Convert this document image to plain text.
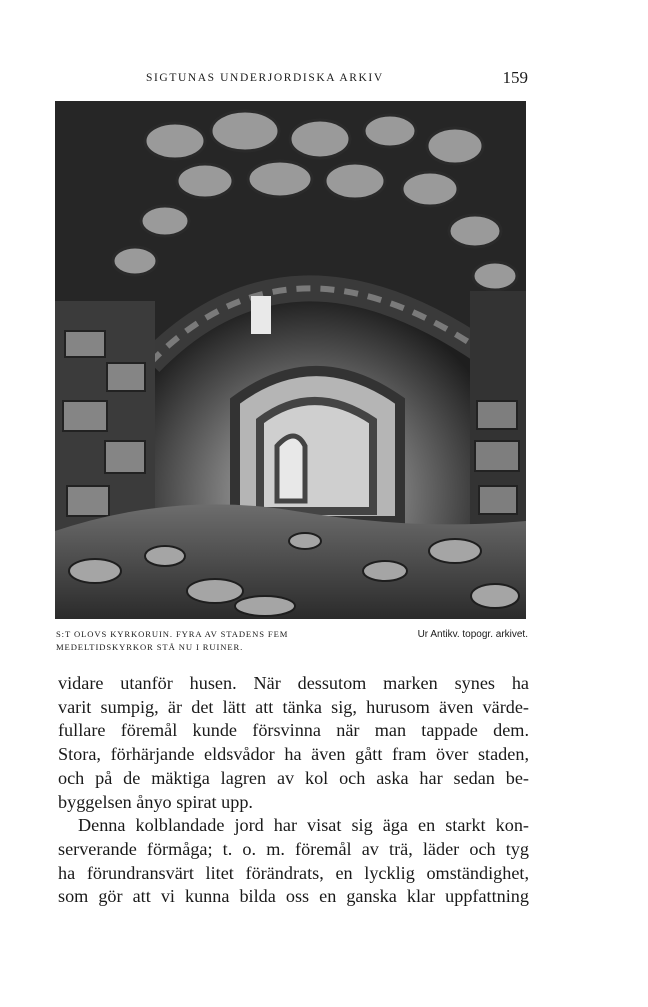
SIGTUNAS UNDERJORDISKA ARKIV	159
S:T OLOVS KYRKORUIN. FYRA AV STADENS FEM
MEDELTIDSKYRKOR STÅ NU I RUINER.
Ur Antikv. topogr. arkivet.
vidare utanför husen. När dessutom marken synes ha
varit sumpig, är det lätt att tänka sig, hurusom även värde-
fullare föremål kunde försvinna när man tappade dem.
Stora, förhärjande eldsvådor ha även gått fram över staden,
och på de mäktiga lagren av kol och aska har sedan be-
byggelsen ånyo spirat upp.
Denna kolblandade jord har visat sig äga en starkt kon-
serverande förmåga; t. o. m. föremål av trä, läder och tyg
ha förundransvärt litet förändrats, en lycklig omständighet,
som gör att vi kunna bilda oss en ganska klar uppfattning
